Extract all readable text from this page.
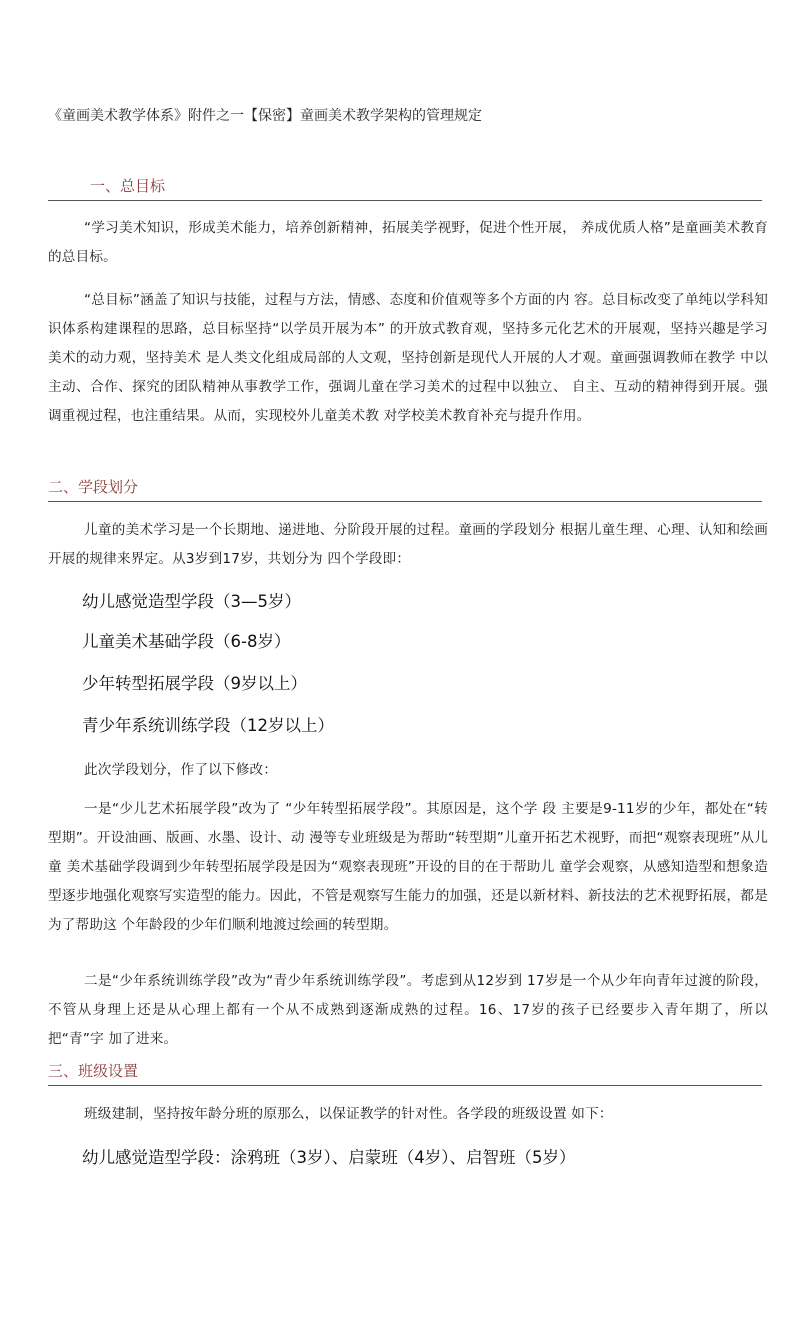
《童画美术教学体系》附件之一【保密】童画美术教学架构的管理规定
一、总目标
“学习美术知识，形成美术能力，培养创新精神，拓展美学视野，促进个性开展， 养成优质人格”是童画美术教育的总目标。
“总目标”涵盖了知识与技能，过程与方法，情感、态度和价值观等多个方面的内 容。总目标改变了单纯以学科知识体系构建课程的思路，总目标坚持“以学员开展为本” 的开放式教育观，坚持多元化艺术的开展观，坚持兴趣是学习美术的动力观，坚持美术 是人类文化组成局部的人文观，坚持创新是现代人开展的人才观。童画强调教师在教学 中以主动、合作、探究的团队精神从事教学工作，强调儿童在学习美术的过程中以独立、 自主、互动的精神得到开展。强调重视过程，也注重结果。从而，实现校外儿童美术教 对学校美术教育补充与提升作用。
二、学段划分
儿童的美术学习是一个长期地、递进地、分阶段开展的过程。童画的学段划分 根据儿童生理、心理、认知和绘画开展的规律来界定。从3岁到17岁，共划分为 四个学段即：
幼儿感觉造型学段（3—5岁）
儿童美术基础学段（6-8岁）
少年转型拓展学段（9岁以上）
青少年系统训练学段（12岁以上）
此次学段划分，作了以下修改：
一是“少儿艺术拓展学段”改为了 “少年转型拓展学段”。其原因是，这个学 段 主要是9-11岁的少年，都处在“转型期”。开设油画、版画、水墨、设计、动 漫等专业班级是为帮助“转型期”儿童开拓艺术视野，而把“观察表现班”从儿童 美术基础学段调到少年转型拓展学段是因为“观察表现班”开设的目的在于帮助儿 童学会观察，从感知造型和想象造型逐步地强化观察写实造型的能力。因此，不管是观察写生能力的加强，还是以新材料、新技法的艺术视野拓展，都是为了帮助这 个年龄段的少年们顺利地渡过绘画的转型期。
二是“少年系统训练学段”改为“青少年系统训练学段”。考虑到从12岁到 17岁是一个从少年向青年过渡的阶段，不管从身理上还是从心理上都有一个从不成熟到逐渐成熟的过程。16、17岁的孩子已经要步入青年期了，所以把“青”字 加了进来。
三、班级设置
班级建制，坚持按年龄分班的原那么，以保证教学的针对性。各学段的班级设置 如下：
幼儿感觉造型学段：涂鸦班（3岁）、启蒙班（4岁）、启智班（5岁）
